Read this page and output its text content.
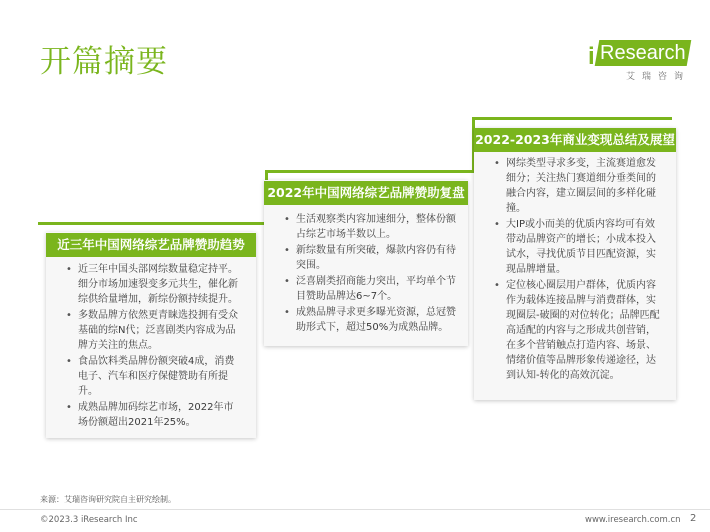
开篇摘要	i Research
艾瑞咨询
• 近三年中国头部网综数量稳定持平。细分市场加速裂变多元共生，催化新综供给量增加，新综份额持续提升。
• 多数品牌方依然更青睐选投拥有受众基础的综N代；泛喜剧类内容成为品牌方关注的焦点。
• 食品饮料类品牌份额突破4成，消费电子、汽车和医疗保健赞助有所提升。
• 成熟品牌加码综艺市场，2022年市场份额超出2021年25%。
近三年中国网络综艺品牌赞助趋势
• 生活观察类内容加速细分，整体份额占综艺市场半数以上。
• 新综数量有所突破，爆款内容仍有待突围。
• 泛喜剧类招商能力突出，平均单个节目赞助品牌达6~7个。
• 成熟品牌寻求更多曝光资源，总冠赞助形式下，超过50%为成熟品牌。
2022年中国网络综艺品牌赞助复盘
• 网综类型寻求多变，主流赛道愈发细分；关注热门赛道细分垂类间的融合内容，建立圈层间的多样化碰撞。
• 大IP或小而美的优质内容均可有效带动品牌资产的增长；小成本投入试水，寻找优质节目匹配资源，实现品牌增量。
• 定位核心圈层用户群体，优质内容作为载体连接品牌与消费群体，实现圈层-破圈的对位转化；品牌匹配高适配的内容与之形成共创营销，在多个营销触点打造内容、场景、情绪价值等品牌形象传递途径，达到认知-转化的高效沉淀。
2022-2023年商业变现总结及展望
来源：艾瑞咨询研究院自主研究绘制。
©2023.3 iResearch Inc	www.iresearch.com.cn 2
